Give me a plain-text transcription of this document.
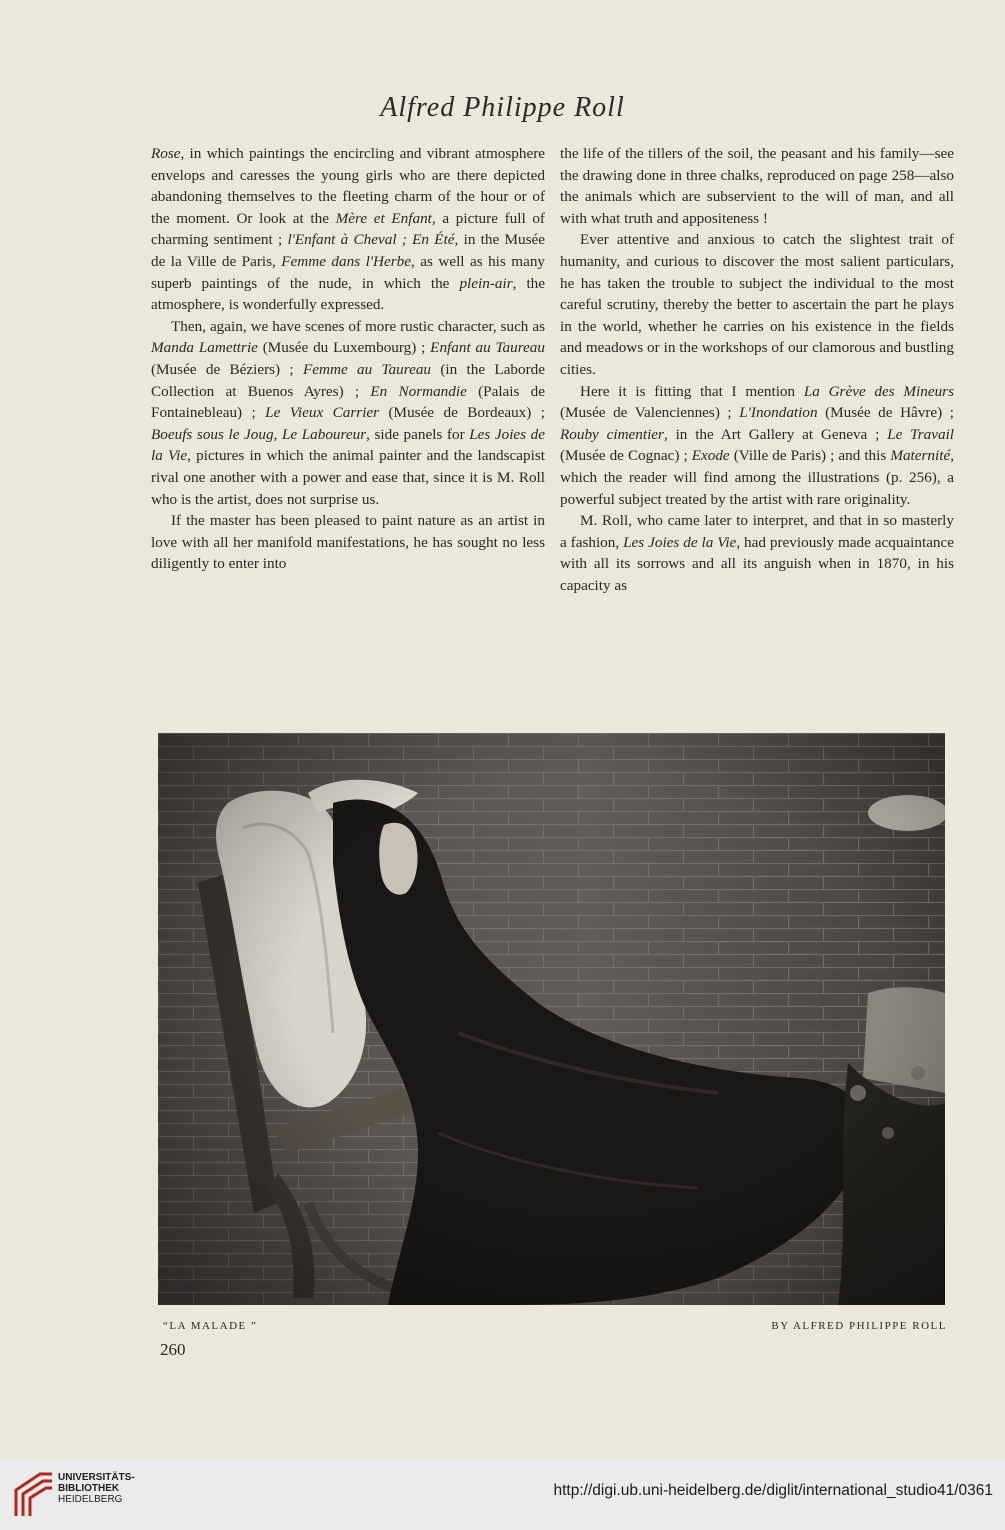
Alfred Philippe Roll

Rose, in which paintings the encircling and vibrant atmosphere envelops and caresses the young girls who are there depicted abandoning themselves to the fleeting charm of the hour or of the moment. Or look at the Mère et Enfant, a picture full of charming sentiment ; l'Enfant à Cheval ; En Été, in the Musée de la Ville de Paris, Femme dans l'Herbe, as well as his many superb paintings of the nude, in which the plein-air, the atmosphere, is wonderfully expressed.

Then, again, we have scenes of more rustic character, such as Manda Lamettrie (Musée du Luxembourg) ; Enfant au Taureau (Musée de Béziers) ; Femme au Taureau (in the Laborde Collection at Buenos Ayres) ; En Normandie (Palais de Fontainebleau) ; Le Vieux Carrier (Musée de Bordeaux) ; Boeufs sous le Joug, Le Laboureur, side panels for Les Joies de la Vie, pictures in which the animal painter and the landscapist rival one another with a power and ease that, since it is M. Roll who is the artist, does not surprise us.

If the master has been pleased to paint nature as an artist in love with all her manifold manifestations, he has sought no less diligently to enter into

the life of the tillers of the soil, the peasant and his family—see the drawing done in three chalks, reproduced on page 258—also the animals which are subservient to the will of man, and all with what truth and appositeness !

Ever attentive and anxious to catch the slightest trait of humanity, and curious to discover the most salient particulars, he has taken the trouble to subject the individual to the most careful scrutiny, thereby the better to ascertain the part he plays in the world, whether he carries on his existence in the fields and meadows or in the workshops of our clamorous and bustling cities.

Here it is fitting that I mention La Grève des Mineurs (Musée de Valenciennes) ; L'Inondation (Musée de Hâvre) ; Rouby cimentier, in the Art Gallery at Geneva ; Le Travail (Musée de Cognac) ; Exode (Ville de Paris) ; and this Maternité, which the reader will find among the illustrations (p. 256), a powerful subject treated by the artist with rare originality.

M. Roll, who came later to interpret, and that in so masterly a fashion, Les Joies de la Vie, had previously made acquaintance with all its sorrows and all its anguish when in 1870, in his capacity as

“LA MALADE ”	BY ALFRED PHILIPPE ROLL
260
UNIVERSITÄTS-
BIBLIOTHEK
HEIDELBERG
http://digi.ub.uni-heidelberg.de/diglit/international_studio41/0361
